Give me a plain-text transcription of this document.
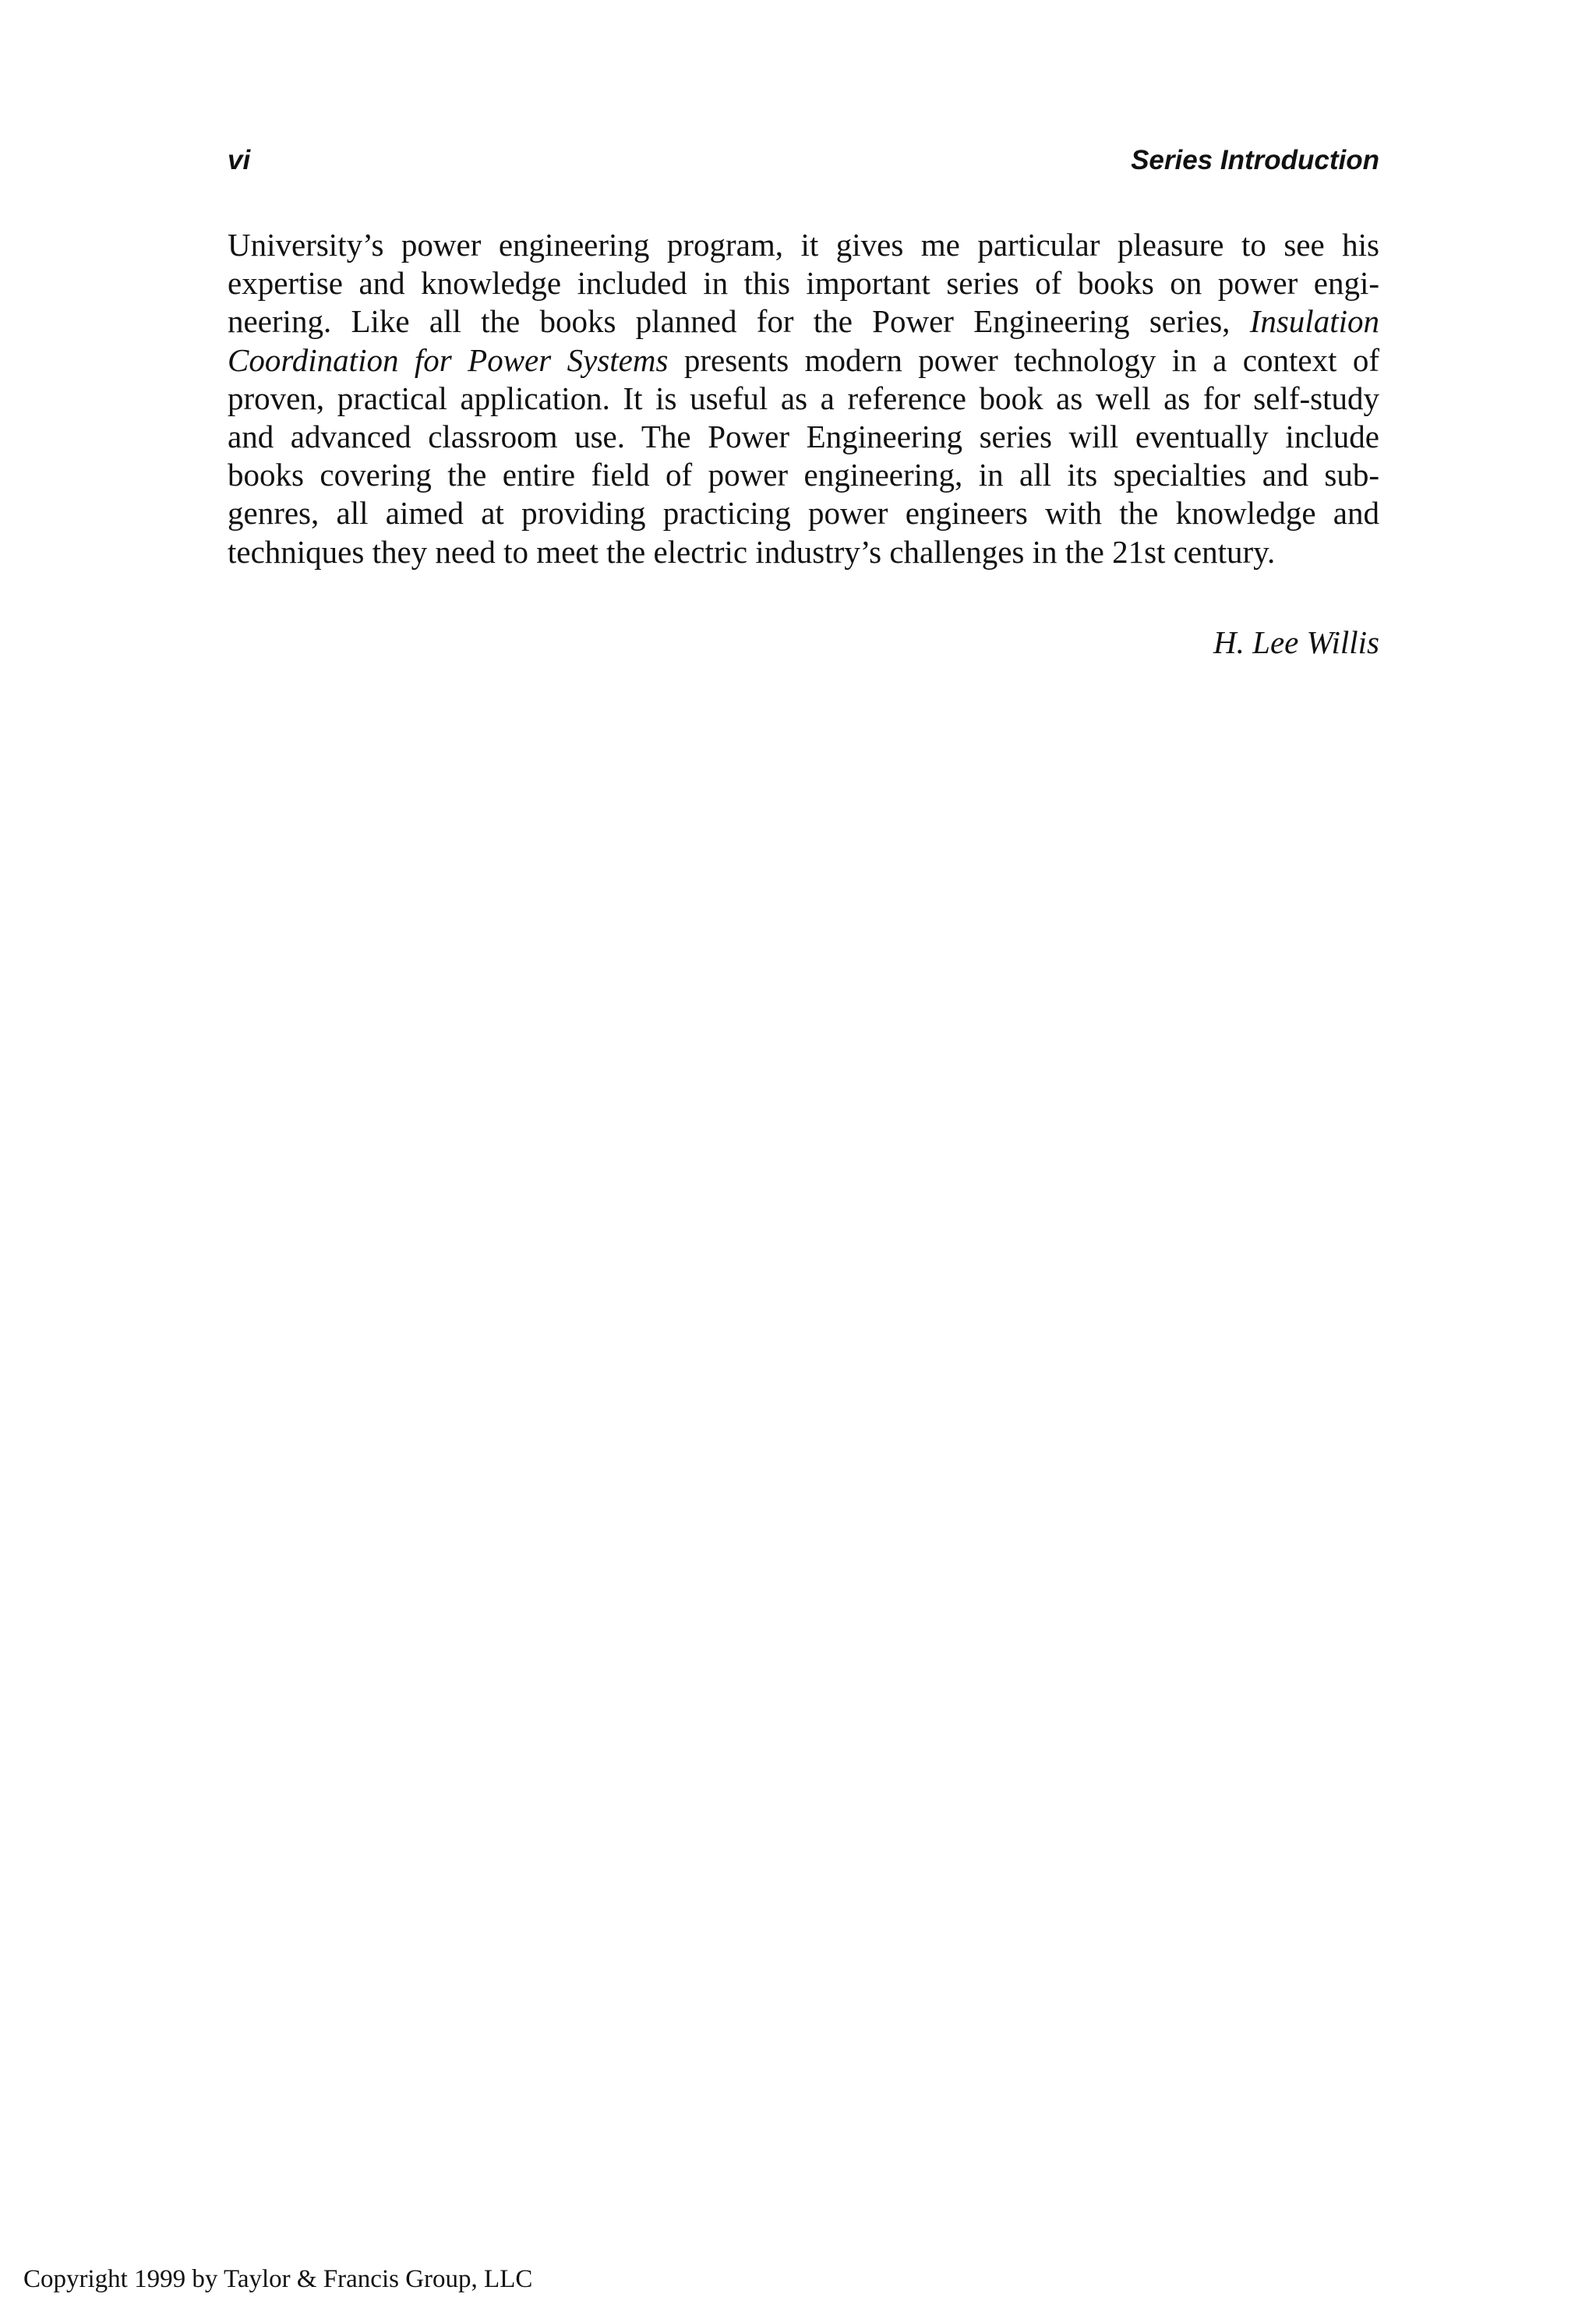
vi	Series Introduction
University’s power engineering program, it gives me particular pleasure to see his
expertise and knowledge included in this important series of books on power engi-
neering. Like all the books planned for the Power Engineering series, Insulation
Coordination for Power Systems presents modern power technology in a context of
proven, practical application. It is useful as a reference book as well as for self-study
and advanced classroom use. The Power Engineering series will eventually include
books covering the entire field of power engineering, in all its specialties and sub-
genres, all aimed at providing practicing power engineers with the knowledge and
techniques they need to meet the electric industry’s challenges in the 21st century.
H. Lee Willis
Copyright 1999 by Taylor & Francis Group, LLC
